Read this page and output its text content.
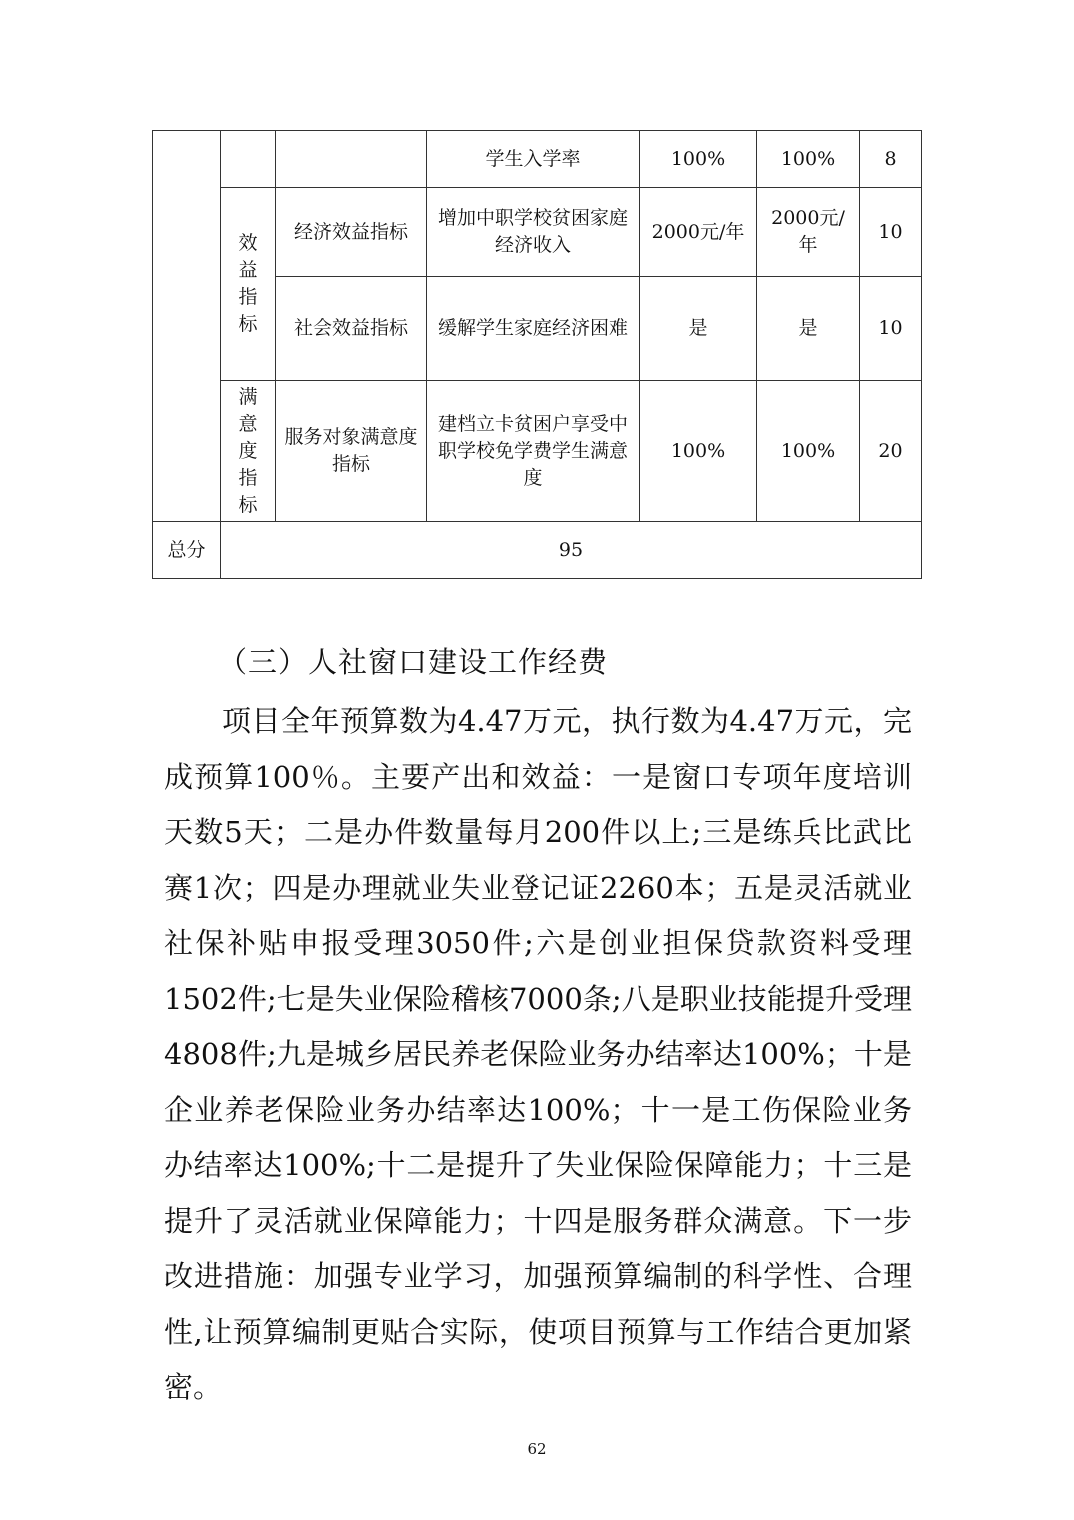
			学生入学率	100%	100%	8

	效益指标	经济效益指标	增加中职学校贫困家庭经济收入	2000元/年	2000元/年	10
		社会效益指标	缓解学生家庭经济困难	是	是	10

	满意度指标	服务对象满意度指标	建档立卡贫困户享受中职学校免学费学生满意度	100%	100%	20
总分	95					
（三）人社窗口建设工作经费

项目全年预算数为4.47万元，执行数为4.47万元，完成预算100％。主要产出和效益：一是窗口专项年度培训天数5天；二是办件数量每月200件以上;三是练兵比武比赛1次；四是办理就业失业登记证2260本；五是灵活就业社保补贴申报受理3050件;六是创业担保贷款资料受理1502件;七是失业保险稽核7000条;八是职业技能提升受理4808件;九是城乡居民养老保险业务办结率达100%；十是企业养老保险业务办结率达100%；十一是工伤保险业务办结率达100%;十二是提升了失业保险保障能力；十三是提升了灵活就业保障能力；十四是服务群众满意。下一步改进措施：加强专业学习，加强预算编制的科学性、合理性,让预算编制更贴合实际，使项目预算与工作结合更加紧密。

62
